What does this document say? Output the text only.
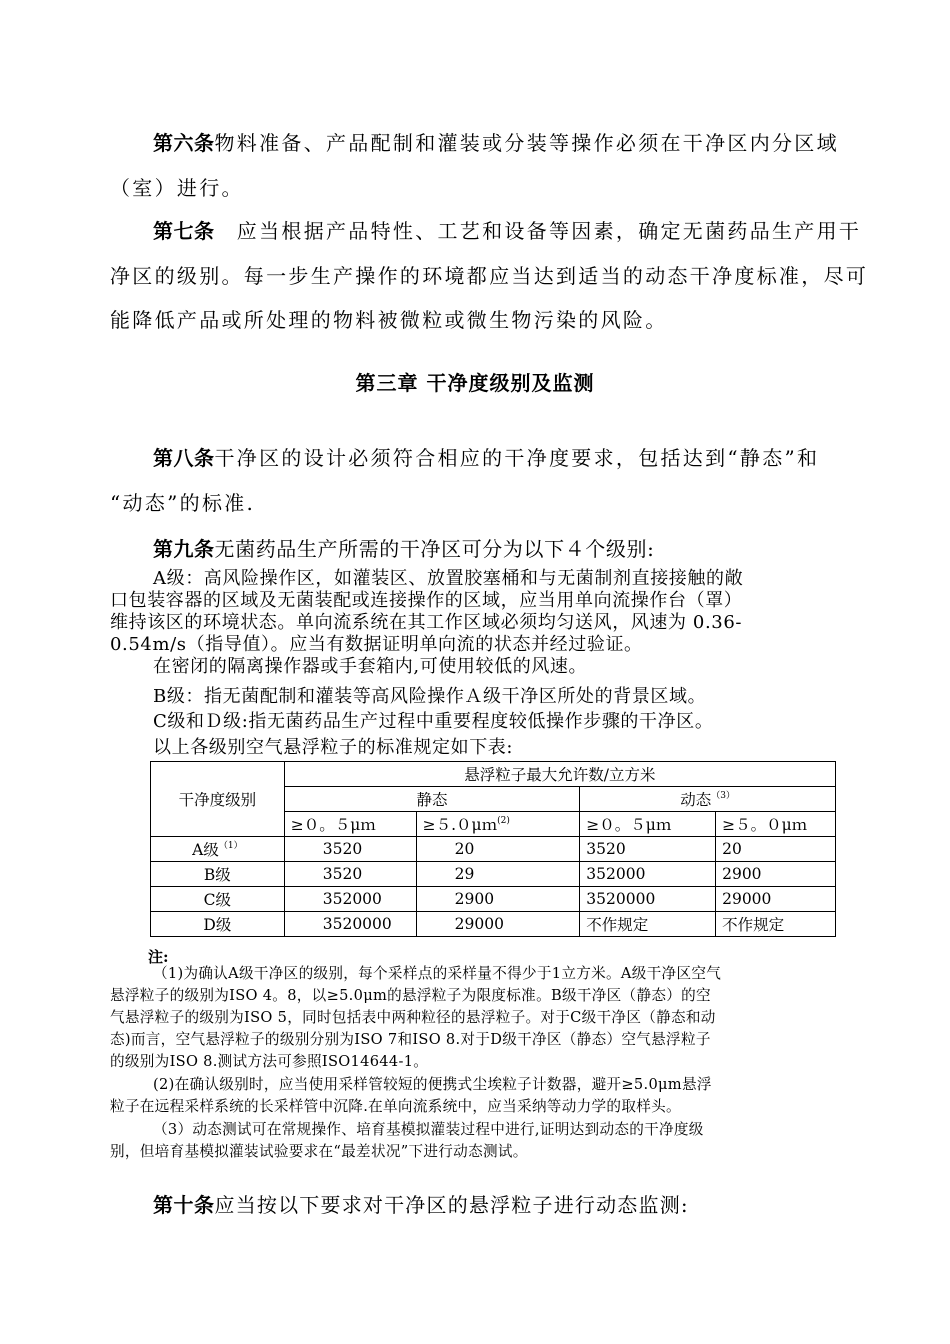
第六条物料准备、产品配制和灌装或分装等操作必须在干净区内分区域

（室）进行。

第七条　应当根据产品特性、工艺和设备等因素，确定无菌药品生产用干

净区的级别。每一步生产操作的环境都应当达到适当的动态干净度标准，尽可

能降低产品或所处理的物料被微粒或微生物污染的风险。

第三章 干净度级别及监测

第八条干净区的设计必须符合相应的干净度要求，包括达到“静态”和

“动态”的标准.

第九条无菌药品生产所需的干净区可分为以下４个级别:

A级：高风险操作区，如灌装区、放置胶塞桶和与无菌制剂直接接触的敞

口包装容器的区域及无菌装配或连接操作的区域，应当用单向流操作台（罩）

维持该区的环境状态。单向流系统在其工作区域必须均匀送风，风速为 0.36-

0.54m/s（指导值）。应当有数据证明单向流的状态并经过验证。

在密闭的隔离操作器或手套箱内,可使用较低的风速。

B级：指无菌配制和灌装等高风险操作Ａ级干净区所处的背景区域。

C级和Ｄ级:指无菌药品生产过程中重要程度较低操作步骤的干净区。

以上各级别空气悬浮粒子的标准规定如下表:

干净度级别	悬浮粒子最大允许数/立方米			
	静态		动态$^{(3)}$
	≥０。５μｍ	≥５.０μｍ$^{(2)}$	≥０。５μｍ	≥５。０μｍ
A级$^{(1)}$	3520	20	3520	20
B级	3520	29	352000	2900
C级	352000	2900	3520000	29000
D级	3520000	29000	不作规定	不作规定
注:

（1)为确认A级干净区的级别，每个采样点的采样量不得少于1立方米。A级干净区空气

悬浮粒子的级别为ISO 4。8，以≥5.0μm的悬浮粒子为限度标准。B级干净区（静态）的空

气悬浮粒子的级别为ISO 5，同时包括表中两种粒径的悬浮粒子。对于C级干净区（静态和动

态)而言，空气悬浮粒子的级别分别为ISO 7和ISO 8.对于D级干净区（静态）空气悬浮粒子

的级别为ISO 8.测试方法可参照ISO14644-1。

(2)在确认级别时，应当使用采样管较短的便携式尘埃粒子计数器，避开≥5.0μm悬浮

粒子在远程采样系统的长采样管中沉降.在单向流系统中，应当采纳等动力学的取样头。

（3）动态测试可在常规操作、培育基模拟灌装过程中进行,证明达到动态的干净度级

别，但培育基模拟灌装试验要求在“最差状况”下进行动态测试。

第十条应当按以下要求对干净区的悬浮粒子进行动态监测:
